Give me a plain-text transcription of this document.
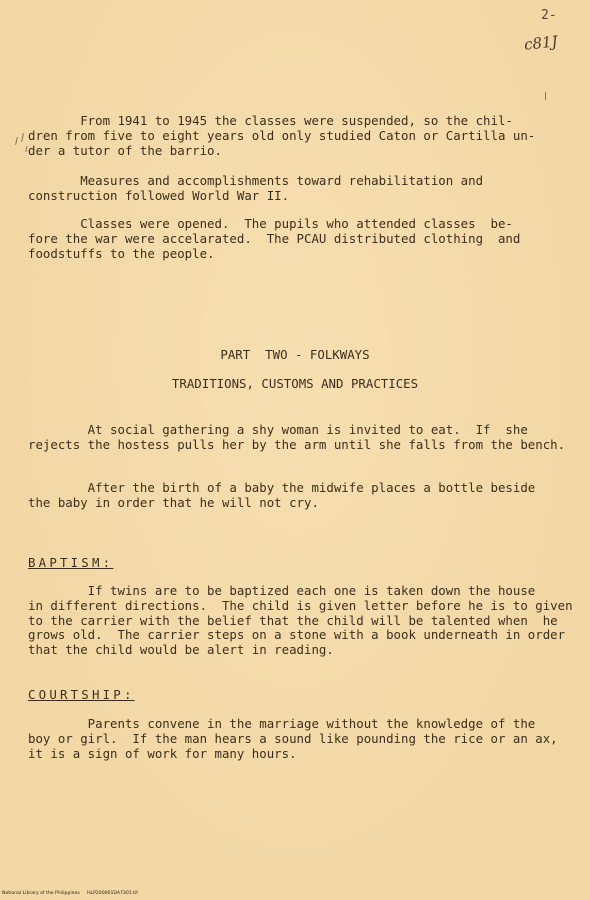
2-
c81J
From 1941 to 1945 the classes were suspended, so the chil-
dren from five to eight years old only studied Caton or Cartilla un-
der a tutor of the barrio.
Measures and accomplishments toward rehabilitation and
construction followed World War II.
Classes were opened.  The pupils who attended classes  be-
fore the war were accelarated.  The PCAU distributed clothing  and
foodstuffs to the people.
PART  TWO - FOLKWAYS
TRADITIONS, CUSTOMS AND PRACTICES
At social gathering a shy woman is invited to eat.  If  she
rejects the hostess pulls her by the arm until she falls from the bench.
After the birth of a baby the midwife places a bottle beside
the baby in order that he will not cry.
BAPTISM:
If twins are to be baptized each one is taken down the house
in different directions.  The child is given letter before he is to given
to the carrier with the belief that the child will be talented when  he
grows old.  The carrier steps on a stone with a book underneath in order
that the child would be alert in reading.
COURTSHIP:
Parents convene in the marriage without the knowledge of the
boy or girl.  If the man hears a sound like pounding the rice or an ax,
it is a sign of work for many hours.
National Library of the Philippines     HLP200001DA7301.tif
